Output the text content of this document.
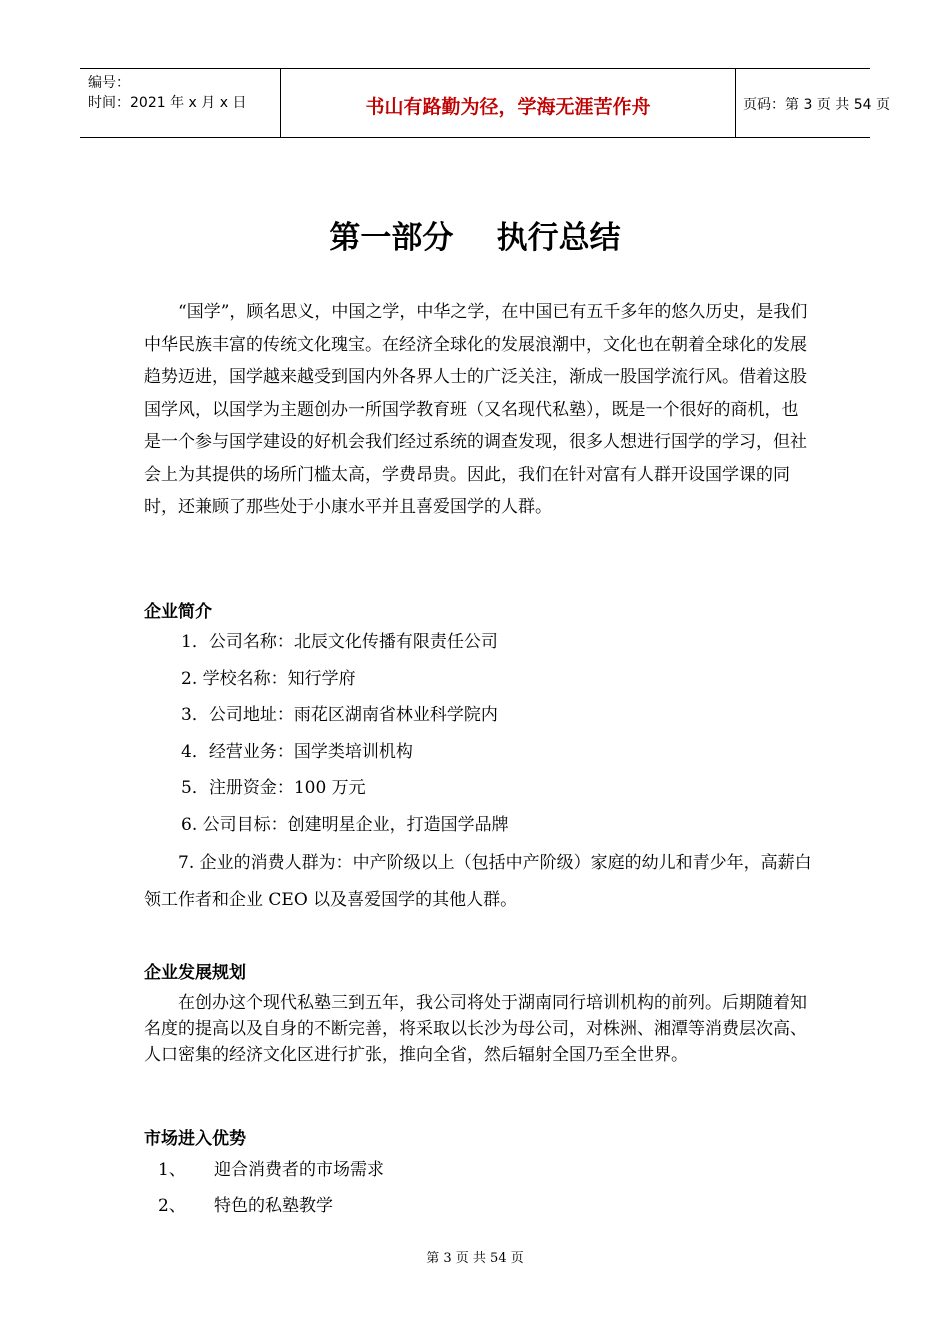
编号：
时间：2021 年 x 月 x 日	书山有路勤为径，学海无涯苦作舟	页码：第 3 页 共 54 页
第一部分    执行总结

“国学”，顾名思义，中国之学，中华之学，在中国已有五千多年的悠久历史，是我们中华民族丰富的传统文化瑰宝。在经济全球化的发展浪潮中，文化也在朝着全球化的发展趋势迈进，国学越来越受到国内外各界人士的广泛关注，渐成一股国学流行风。借着这股国学风，以国学为主题创办一所国学教育班（又名现代私塾），既是一个很好的商机，也是一个参与国学建设的好机会我们经过系统的调查发现，很多人想进行国学的学习，但社会上为其提供的场所门槛太高，学费昂贵。因此，我们在针对富有人群开设国学课的同时，还兼顾了那些处于小康水平并且喜爱国学的人群。

企业简介
1．公司名称：北辰文化传播有限责任公司
2. 学校名称：知行学府
3．公司地址：雨花区湖南省林业科学院内
4．经营业务：国学类培训机构
5．注册资金：100 万元
6. 公司目标：创建明星企业，打造国学品牌
7. 企业的消费人群为：中产阶级以上（包括中产阶级）家庭的幼儿和青少年，高薪白领工作者和企业 CEO 以及喜爱国学的其他人群。
企业发展规划

在创办这个现代私塾三到五年，我公司将处于湖南同行培训机构的前列。后期随着知名度的提高以及自身的不断完善，将采取以长沙为母公司，对株洲、湘潭等消费层次高、人口密集的经济文化区进行扩张，推向全省，然后辐射全国乃至全世界。

市场进入优势
1、 迎合消费者的市场需求
2、 特色的私塾教学
第 3 页 共 54 页
